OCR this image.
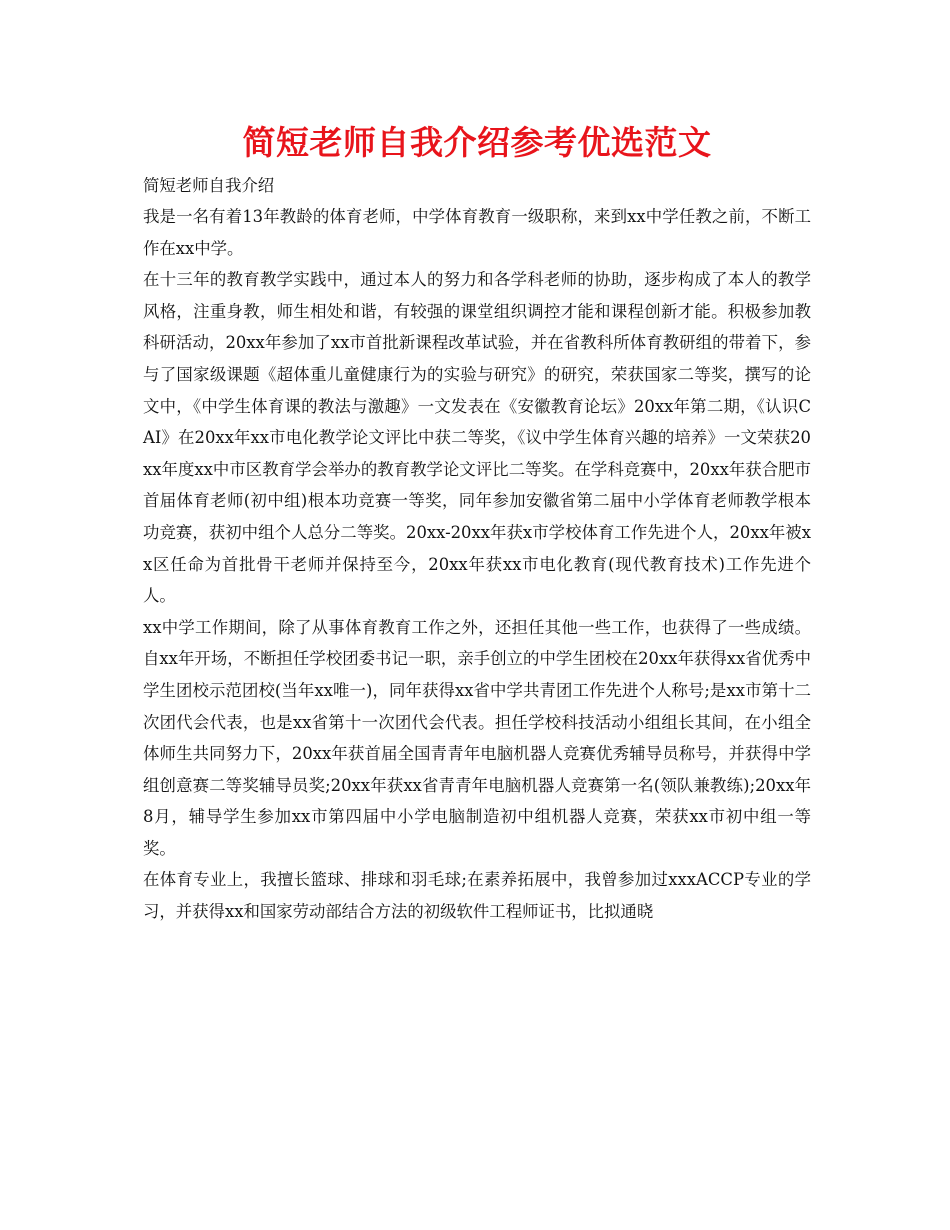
简短老师自我介绍参考优选范文
简短老师自我介绍

我是一名有着13年教龄的体育老师，中学体育教育一级职称，来到xx中学任教之前，不断工作在xx中学。

在十三年的教育教学实践中，通过本人的努力和各学科老师的协助，逐步构成了本人的教学风格，注重身教，师生相处和谐，有较强的课堂组织调控才能和课程创新才能。积极参加教科研活动，20xx年参加了xx市首批新课程改革试验，并在省教科所体育教研组的带着下，参与了国家级课题《超体重儿童健康行为的实验与研究》的研究，荣获国家二等奖，撰写的论文中，《中学生体育课的教法与激趣》一文发表在《安徽教育论坛》20xx年第二期，《认识CAI》在20xx年xx市电化教学论文评比中获二等奖，《议中学生体育兴趣的培养》一文荣获20xx年度xx中市区教育学会举办的教育教学论文评比二等奖。在学科竞赛中，20xx年获合肥市首届体育老师(初中组)根本功竞赛一等奖，同年参加安徽省第二届中小学体育老师教学根本功竞赛，获初中组个人总分二等奖。20xx-20xx年获x市学校体育工作先进个人，20xx年被xx区任命为首批骨干老师并保持至今，20xx年获xx市电化教育(现代教育技术)工作先进个人。

xx中学工作期间，除了从事体育教育工作之外，还担任其他一些工作，也获得了一些成绩。自xx年开场，不断担任学校团委书记一职，亲手创立的中学生团校在20xx年获得xx省优秀中学生团校示范团校(当年xx唯一)，同年获得xx省中学共青团工作先进个人称号;是xx市第十二次团代会代表，也是xx省第十一次团代会代表。担任学校科技活动小组组长其间，在小组全体师生共同努力下，20xx年获首届全国青青年电脑机器人竞赛优秀辅导员称号，并获得中学组创意赛二等奖辅导员奖;20xx年获xx省青青年电脑机器人竞赛第一名(领队兼教练);20xx年8月，辅导学生参加xx市第四届中小学电脑制造初中组机器人竞赛，荣获xx市初中组一等奖。

在体育专业上，我擅长篮球、排球和羽毛球;在素养拓展中，我曾参加过xxxACCP专业的学习，并获得xx和国家劳动部结合方法的初级软件工程师证书，比拟通晓
